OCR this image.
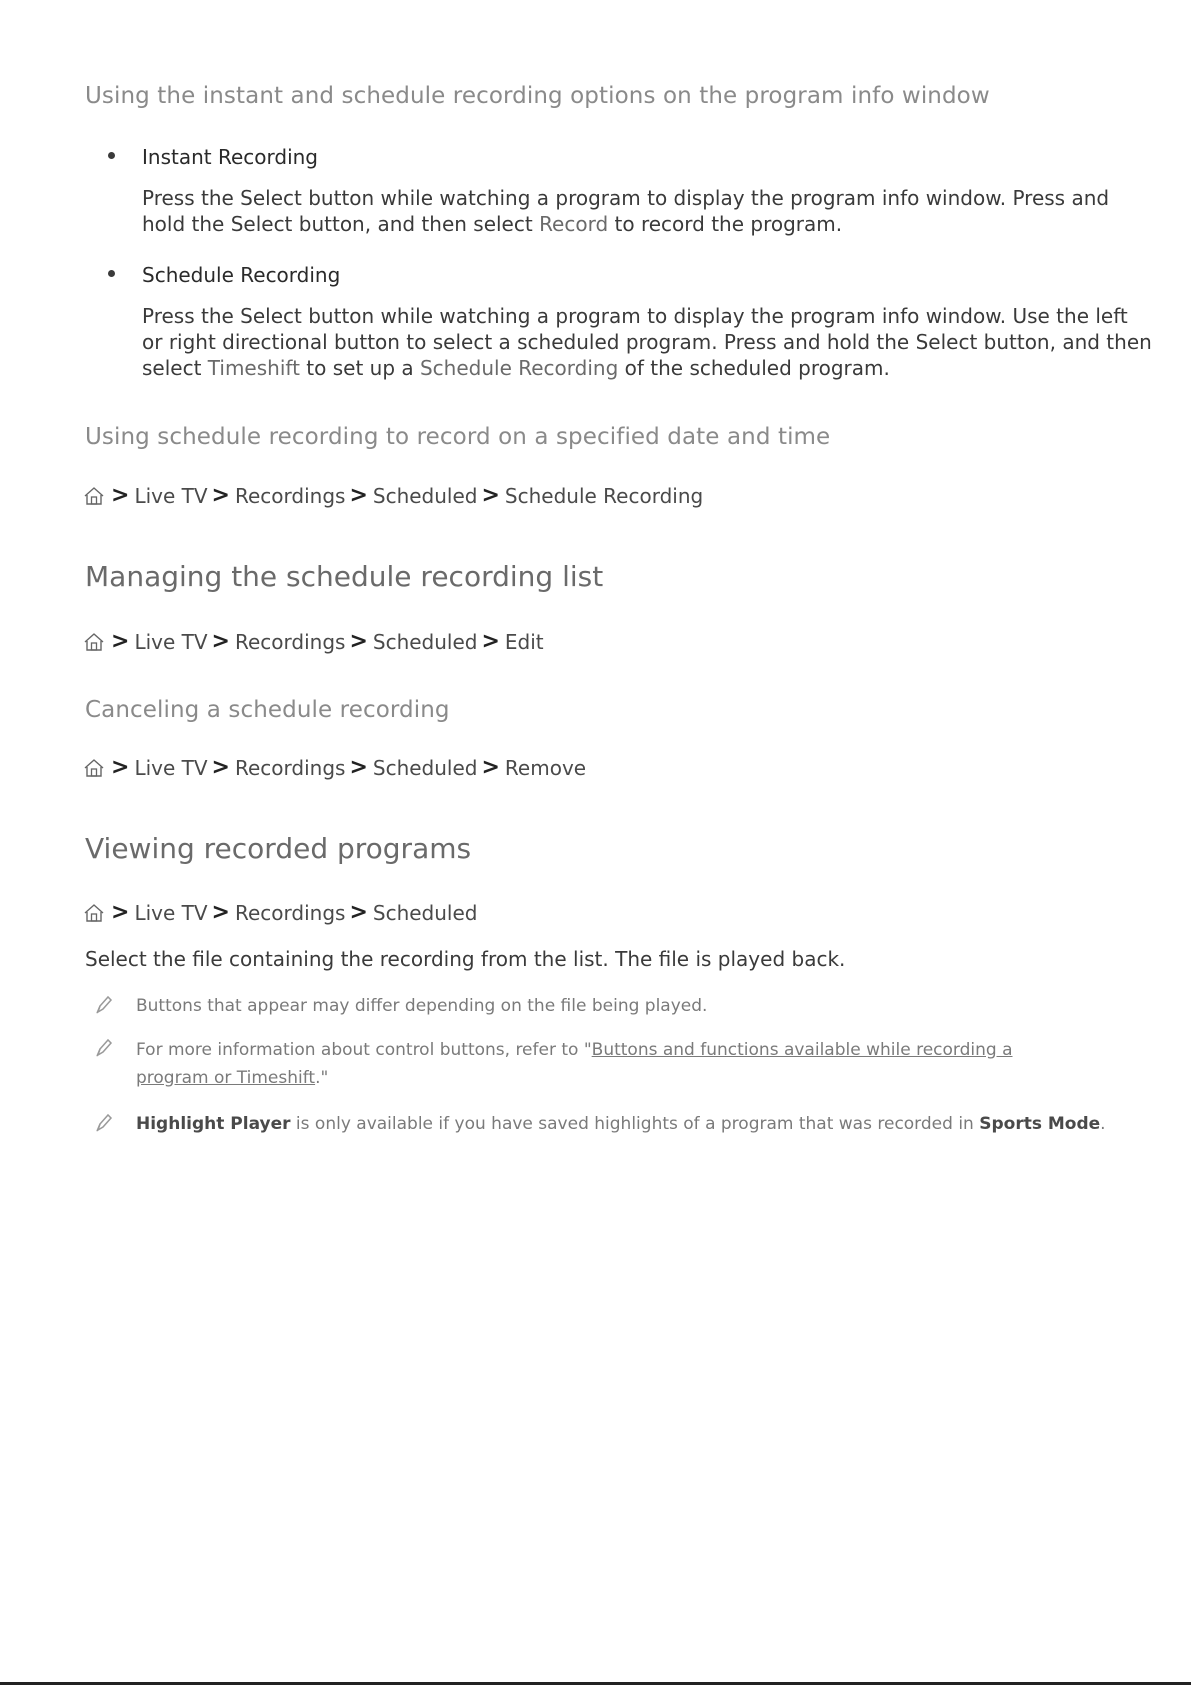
Using the instant and schedule recording options on the program info window
Instant Recording
Press the Select button while watching a program to display the program info window. Press and
hold the Select button, and then select Record to record the program.
Schedule Recording
Press the Select button while watching a program to display the program info window. Use the left
or right directional button to select a scheduled program. Press and hold the Select button, and then
select Timeshift to set up a Schedule Recording of the scheduled program.
Using schedule recording to record on a specified date and time
> Live TV > Recordings > Scheduled > Schedule Recording
Managing the schedule recording list
> Live TV > Recordings > Scheduled > Edit
Canceling a schedule recording
> Live TV > Recordings > Scheduled > Remove
Viewing recorded programs
> Live TV > Recordings > Scheduled
Select the file containing the recording from the list. The file is played back.
Buttons that appear may differ depending on the file being played.
For more information about control buttons, refer to "Buttons and functions available while recording a
program or Timeshift."
Highlight Player is only available if you have saved highlights of a program that was recorded in Sports Mode.
